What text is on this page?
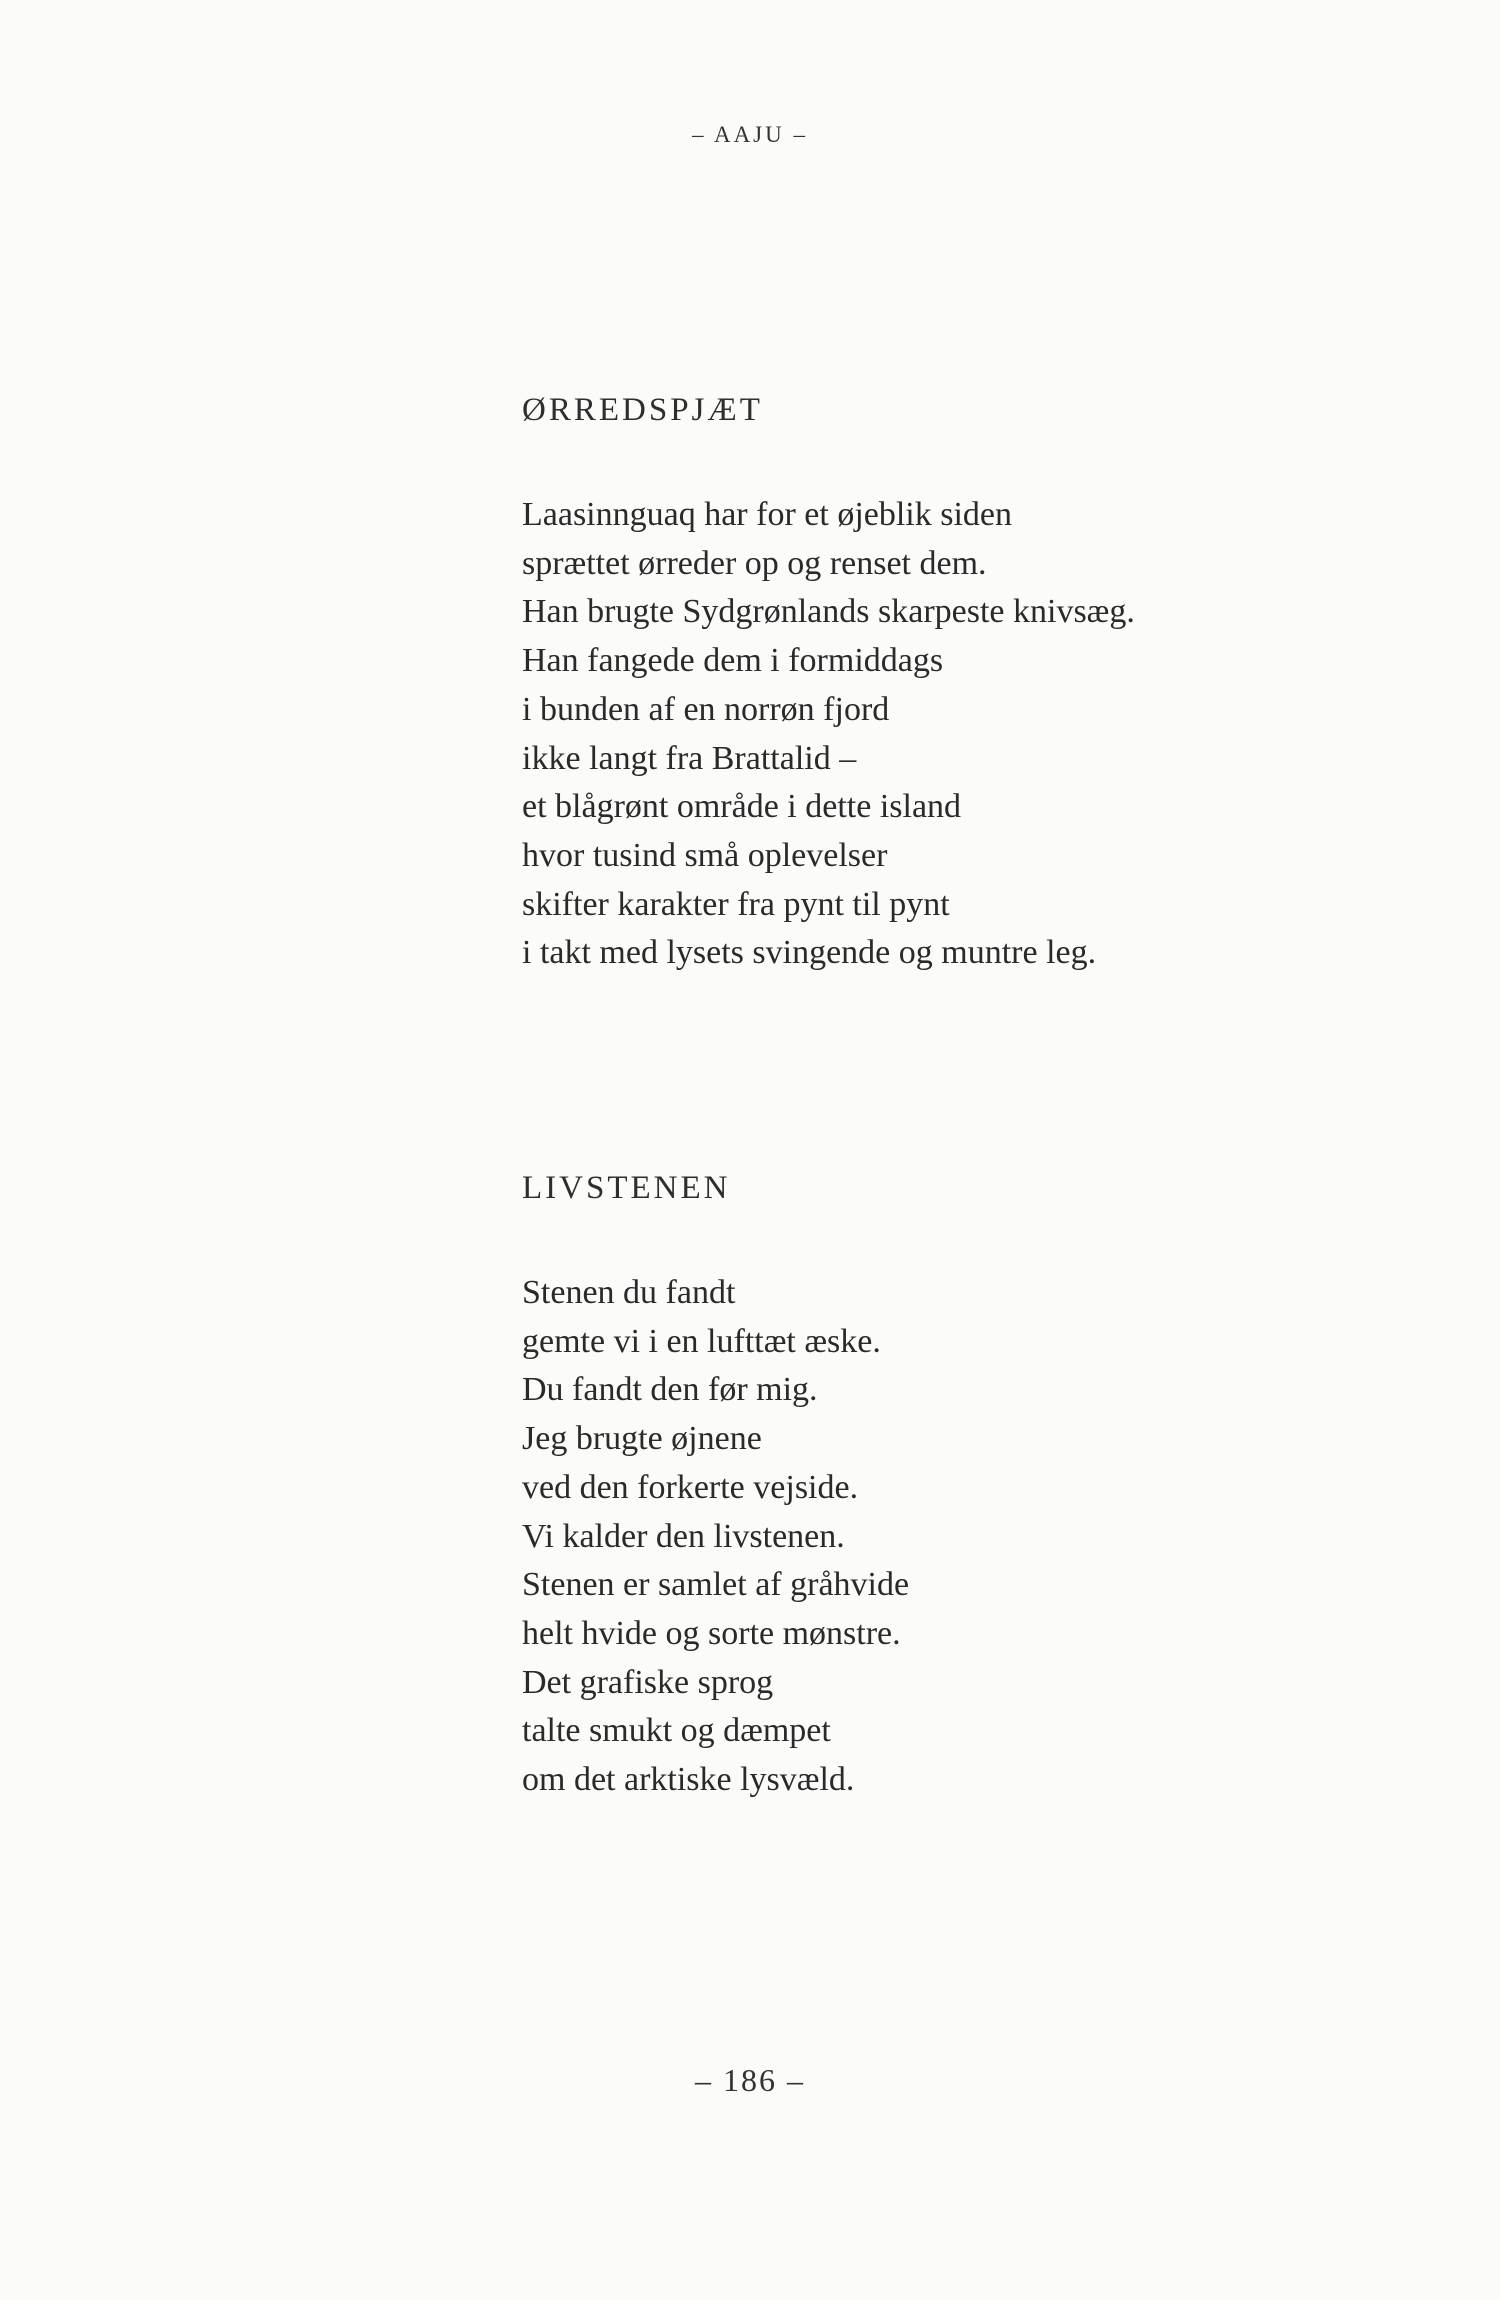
– AAJU –
ØRREDSPJÆT
Laasinnguaq har for et øjeblik siden
sprættet ørreder op og renset dem.
Han brugte Sydgrønlands skarpeste knivsæg.
Han fangede dem i formiddags
i bunden af en norrøn fjord
ikke langt fra Brattalid –
et blågrønt område i dette island
hvor tusind små oplevelser
skifter karakter fra pynt til pynt
i takt med lysets svingende og muntre leg.
LIVSTENEN
Stenen du fandt
gemte vi i en lufttæt æske.
Du fandt den før mig.
Jeg brugte øjnene
ved den forkerte vejside.
Vi kalder den livstenen.
Stenen er samlet af gråhvide
helt hvide og sorte mønstre.
Det grafiske sprog
talte smukt og dæmpet
om det arktiske lysvæld.
– 186 –
